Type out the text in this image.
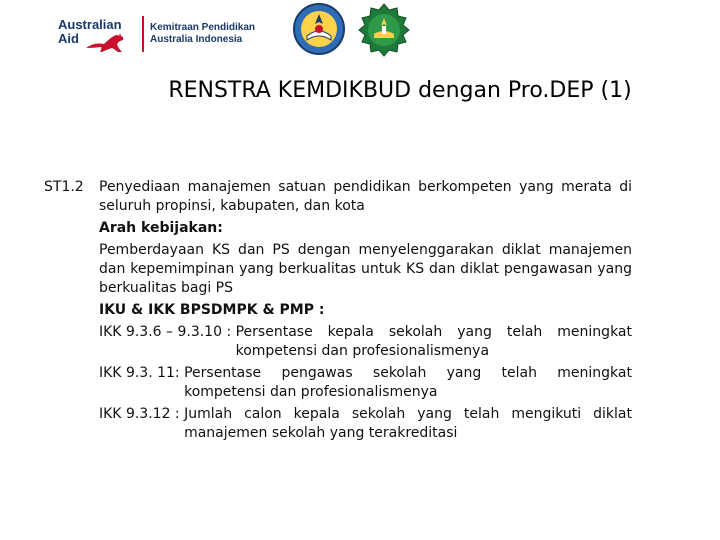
Australian
Aid
Kemitraan Pendidikan
Australia Indonesia
RENSTRA KEMDIKBUD dengan Pro.DEP (1)
ST1.2	Penyediaan manajemen satuan pendidikan berkompeten yang merata di seluruh propinsi, kabupaten, dan kota
Arah kebijakan:
Pemberdayaan KS dan PS dengan menyelenggarakan diklat manajemen dan kepemimpinan yang berkualitas untuk KS dan diklat pengawasan yang berkualitas bagi PS
IKU & IKK BPSDMPK & PMP :
IKK 9.3.6 – 9.3.10 : Persentase kepala sekolah yang telah meningkat kompetensi dan profesionalismenya
IKK 9.3. 11: Persentase pengawas sekolah yang telah meningkat kompetensi dan profesionalismenya
IKK 9.3.12 : Jumlah calon kepala sekolah yang telah mengikuti diklat manajemen sekolah yang terakreditasi
